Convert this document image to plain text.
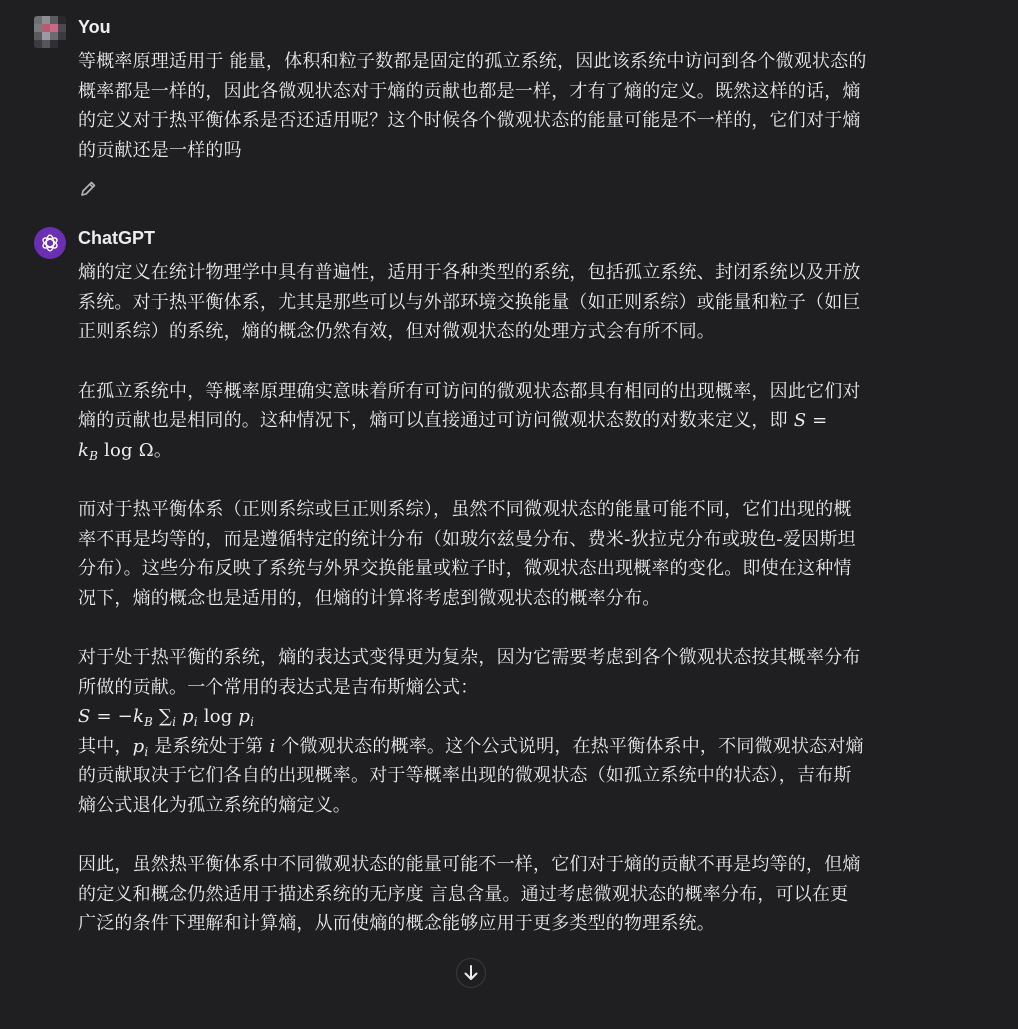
You

等概率原理适用于 能量，体积和粒子数都是固定的孤立系统，因此该系统中访问到各个微观状态的

概率都是一样的，因此各微观状态对于熵的贡献也都是一样，才有了熵的定义。既然这样的话，熵

的定义对于热平衡体系是否还适用呢？这个时候各个微观状态的能量可能是不一样的，它们对于熵

的贡献还是一样的吗

ChatGPT

熵的定义在统计物理学中具有普遍性，适用于各种类型的系统，包括孤立系统、封闭系统以及开放

系统。对于热平衡体系，尤其是那些可以与外部环境交换能量（如正则系综）或能量和粒子（如巨

正则系综）的系统，熵的概念仍然有效，但对微观状态的处理方式会有所不同。

在孤立系统中，等概率原理确实意味着所有可访问的微观状态都具有相同的出现概率，因此它们对

熵的贡献也是相同的。这种情况下，熵可以直接通过可访问微观状态数的对数来定义，即 S =

$k_B$ log Ω。

而对于热平衡体系（正则系综或巨正则系综），虽然不同微观状态的能量可能不同，它们出现的概

率不再是均等的，而是遵循特定的统计分布（如玻尔兹曼分布、费米-狄拉克分布或玻色-爱因斯坦

分布）。这些分布反映了系统与外界交换能量或粒子时，微观状态出现概率的变化。即使在这种情

况下，熵的概念也是适用的，但熵的计算将考虑到微观状态的概率分布。

对于处于热平衡的系统，熵的表达式变得更为复杂，因为它需要考虑到各个微观状态按其概率分布

所做的贡献。一个常用的表达式是吉布斯熵公式：

$S = -k_B$ $\sum_i$ $p_i$ $\log p_i$

其中，$p_i$ 是系统处于第 i 个微观状态的概率。这个公式说明，在热平衡体系中，不同微观状态对熵

的贡献取决于它们各自的出现概率。对于等概率出现的微观状态（如孤立系统中的状态），吉布斯

熵公式退化为孤立系统的熵定义。

因此，虽然热平衡体系中不同微观状态的能量可能不一样，它们对于熵的贡献不再是均等的，但熵

的定义和概念仍然适用于描述系统的无序度 言息含量。通过考虑微观状态的概率分布，可以在更

广泛的条件下理解和计算熵，从而使熵的概念能够应用于更多类型的物理系统。
